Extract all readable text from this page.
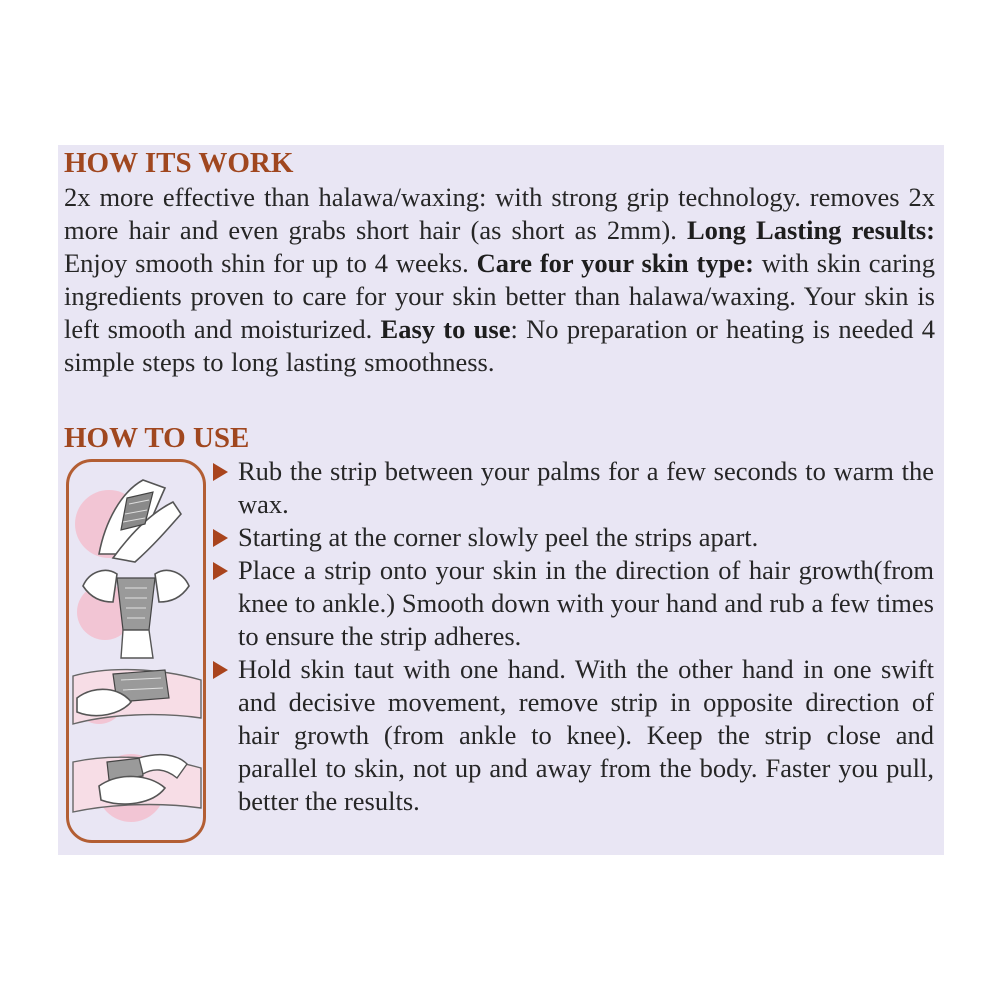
HOW ITS WORK

2x more effective than halawa/waxing: with strong grip technology. removes 2x more hair and even grabs short hair (as short as 2mm). Long Lasting results: Enjoy smooth shin for up to 4 weeks. Care for your skin type: with skin caring ingredients proven to care for your skin better than halawa/waxing. Your skin is left smooth and moisturized. Easy to use: No preparation or heating is needed 4 simple steps to long lasting smoothness.

HOW TO USE

Rub the strip between your palms for a few seconds to warm the wax.

Starting at the corner slowly peel the strips apart.

Place a strip onto your skin in the direction of hair growth(from knee to ankle.) Smooth down with your hand and rub a few times to ensure the strip adheres.

Hold skin taut with one hand. With the other hand in one swift and decisive movement, remove strip in opposite direction of hair growth (from ankle to knee). Keep the strip close and parallel to skin, not up and away from the body. Faster you pull, better the results.
